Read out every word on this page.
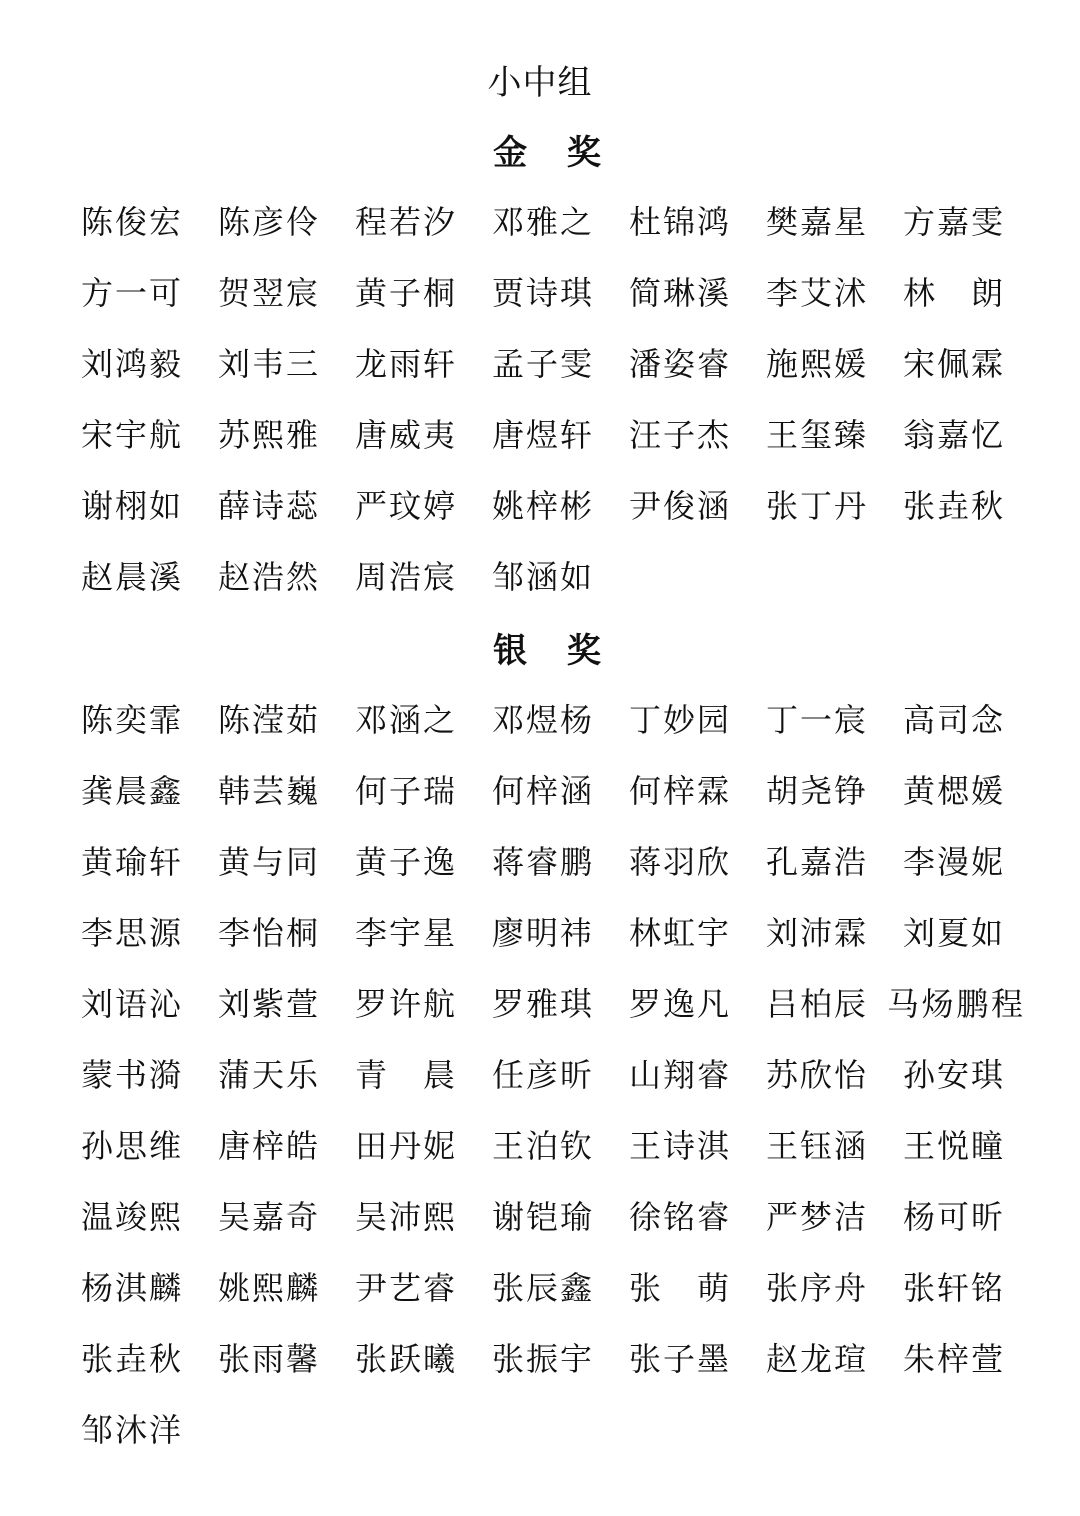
小中组
金 奖
陈俊宏 陈彦伶 程若汐 邓雅之 杜锦鸿 樊嘉星 方嘉雯
方一可 贺翌宸 黄子桐 贾诗琪 简琳溪 李艾沭 林　朗
刘鸿毅 刘韦三 龙雨轩 孟子雯 潘姿睿 施熙媛 宋佩霖
宋宇航 苏熙雅 唐威夷 唐煜轩 汪子杰 王玺臻 翁嘉忆
谢栩如 薛诗蕊 严玟婷 姚梓彬 尹俊涵 张丁丹 张垚秋
赵晨溪 赵浩然 周浩宸 邹涵如
银 奖
陈奕霏 陈滢茹 邓涵之 邓煜杨 丁妙园 丁一宸 高司念
龚晨鑫 韩芸巍 何子瑞 何梓涵 何梓霖 胡尧铮 黄楒媛
黄瑜轩 黄与同 黄子逸 蒋睿鹏 蒋羽欣 孔嘉浩 李漫妮
李思源 李怡桐 李宇星 廖明祎 林虹宇 刘沛霖 刘夏如
刘语沁 刘紫萱 罗许航 罗雅琪 罗逸凡 吕柏辰 马炀鹏程
蒙书漪 蒲天乐 青　晨 任彦昕 山翔睿 苏欣怡 孙安琪
孙思维 唐梓皓 田丹妮 王泊钦 王诗淇 王钰涵 王悦瞳
温竣熙 吴嘉奇 吴沛熙 谢铠瑜 徐铭睿 严梦洁 杨可昕
杨淇麟 姚熙麟 尹艺睿 张辰鑫 张　萌 张序舟 张轩铭
张垚秋 张雨馨 张跃曦 张振宇 张子墨 赵龙瑄 朱梓萱
邹沐洋
